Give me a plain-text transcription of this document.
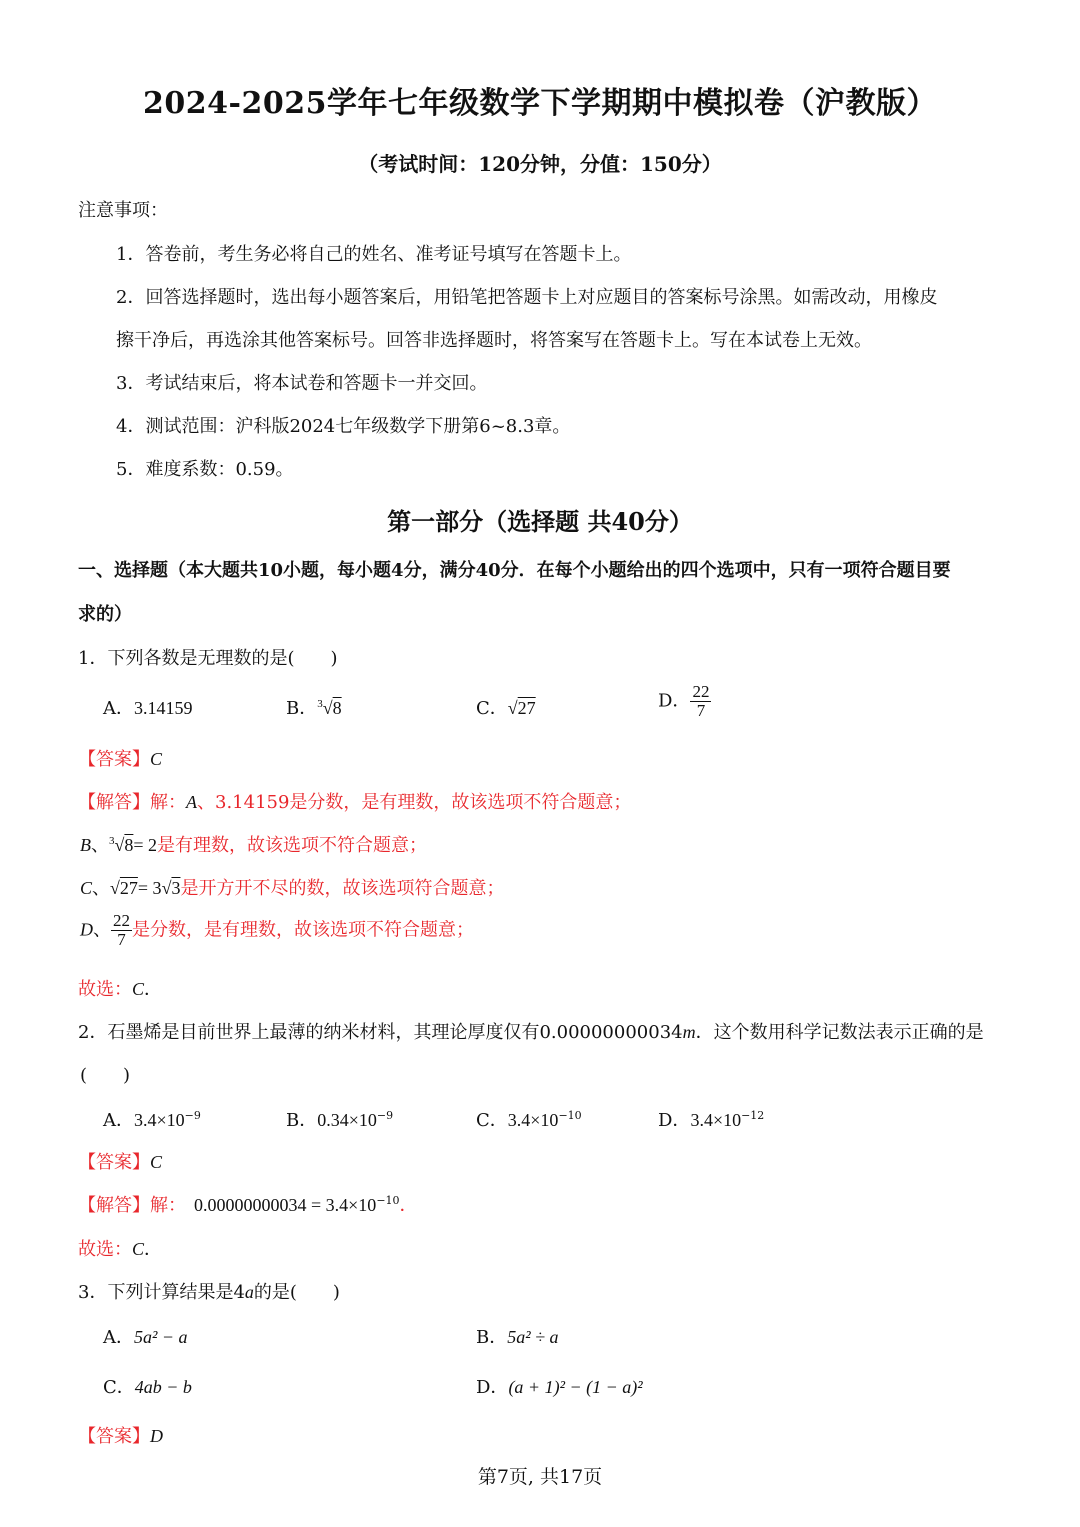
2024-2025学年七年级数学下学期期中模拟卷（沪教版）
（考试时间：120分钟，分值：150分）
注意事项：
1．答卷前，考生务必将自己的姓名、准考证号填写在答题卡上。
2．回答选择题时，选出每小题答案后，用铅笔把答题卡上对应题目的答案标号涂黑。如需改动，用橡皮
擦干净后，再选涂其他答案标号。回答非选择题时，将答案写在答题卡上。写在本试卷上无效。
3．考试结束后，将本试卷和答题卡一并交回。
4．测试范围：沪科版2024七年级数学下册第6~8.3章。
5．难度系数：0.59。
第一部分（选择题 共40分）
一、选择题（本大题共10小题，每小题4分，满分40分．在每个小题给出的四个选项中，只有一项符合题目要
求的）
1．下列各数是无理数的是(　　)
A．3.14159	B．$^3$√8	C．√27	D． $\frac{22}{7}$
【答案】C
【解答】解：A、3.14159是分数，是有理数，故该选项不符合题意；
B、$^3$√8= 2是有理数，故该选项不符合题意；
C、√27= 3√3是开方开不尽的数，故该选项符合题意；
D、 $\frac{22}{7}$ 是分数，是有理数，故该选项不符合题意；
故选：C．
2．石墨烯是目前世界上最薄的纳米材料，其理论厚度仅有0.00000000034m．这个数用科学记数法表示正确的是
(　　)
A．$3.4\times 10^{-9}$	B．$0.34\times 10^{-9}$	C．$3.4\times 10^{-10}$	D．$3.4\times 10^{-12}$
【答案】C
【解答】解： $0.00000000034 = 3.4\times 10^{-10}$．
故选：C．
3．下列计算结果是4a的是(　　)
A．5a² − a	B．5a² ÷ a
C．4ab − b	D．(a + 1)² − (1 − a)²
【答案】D
第7页, 共17页
